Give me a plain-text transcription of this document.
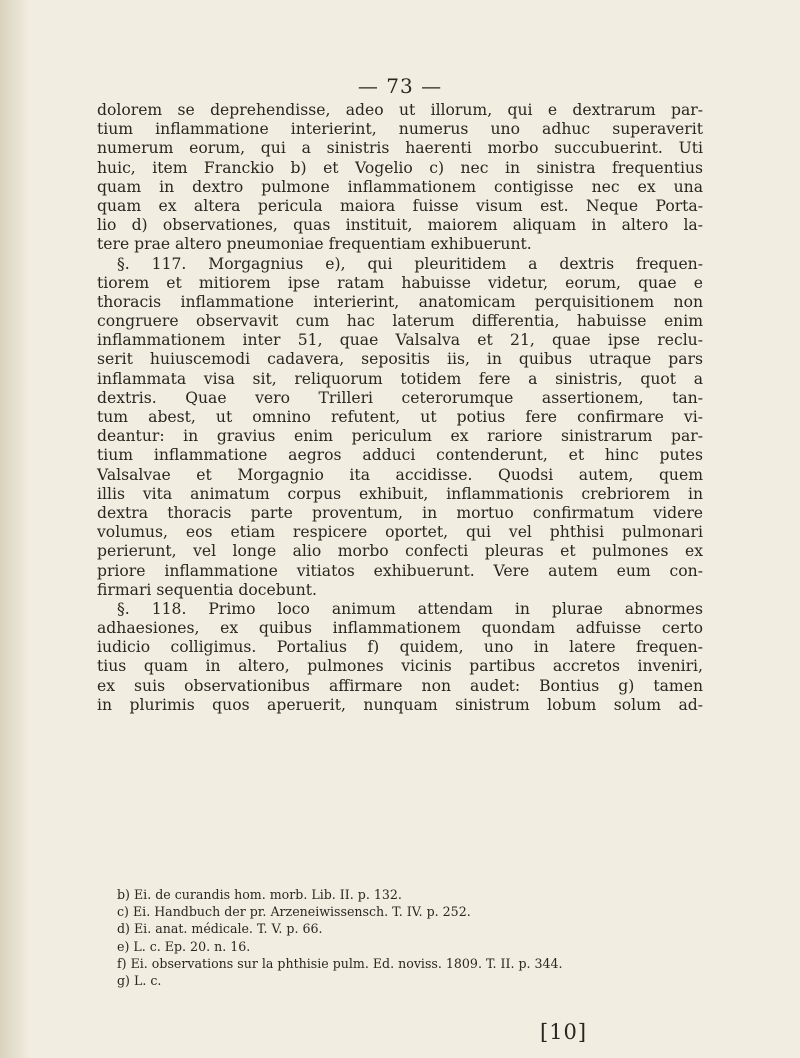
— 73 —
dolorem se deprehendisse, adeo ut illorum, qui e dextrarum par-
tium inflammatione interierint, numerus uno adhuc superaverit
numerum eorum, qui a sinistris haerenti morbo succubuerint. Uti
huic, item Franckio b) et Vogelio c) nec in sinistra frequentius
quam in dextro pulmone inflammationem contigisse nec ex una
quam ex altera pericula maiora fuisse visum est. Neque Porta-
lio d) observationes, quas instituit, maiorem aliquam in altero la-
tere prae altero pneumoniae frequentiam exhibuerunt.
§. 117. Morgagnius e), qui pleuritidem a dextris frequen-
tiorem et mitiorem ipse ratam habuisse videtur, eorum, quae e
thoracis inflammatione interierint, anatomicam perquisitionem non
congruere observavit cum hac laterum differentia, habuisse enim
inflammationem inter 51, quae Valsalva et 21, quae ipse reclu-
serit huiuscemodi cadavera, sepositis iis, in quibus utraque pars
inflammata visa sit, reliquorum totidem fere a sinistris, quot a
dextris. Quae vero Trilleri ceterorumque assertionem, tan-
tum abest, ut omnino refutent, ut potius fere confirmare vi-
deantur: in gravius enim periculum ex rariore sinistrarum par-
tium inflammatione aegros adduci contenderunt, et hinc putes
Valsalvae et Morgagnio ita accidisse. Quodsi autem, quem
illis vita animatum corpus exhibuit, inflammationis crebriorem in
dextra thoracis parte proventum, in mortuo confirmatum videre
volumus, eos etiam respicere oportet, qui vel phthisi pulmonari
perierunt, vel longe alio morbo confecti pleuras et pulmones ex
priore inflammatione vitiatos exhibuerunt. Vere autem eum con-
firmari sequentia docebunt.
§. 118. Primo loco animum attendam in plurae abnormes
adhaesiones, ex quibus inflammationem quondam adfuisse certo
iudicio colligimus. Portalius f) quidem, uno in latere frequen-
tius quam in altero, pulmones vicinis partibus accretos inveniri,
ex suis observationibus affirmare non audet: Bontius g) tamen
in plurimis quos aperuerit, nunquam sinistrum lobum solum ad-
b) Ei. de curandis hom. morb. Lib. II. p. 132.
c) Ei. Handbuch der pr. Arzeneiwissensch. T. IV. p. 252.
d) Ei. anat. médicale. T. V. p. 66.
e) L. c. Ep. 20. n. 16.
f) Ei. observations sur la phthisie pulm. Ed. noviss. 1809. T. II. p. 344.
g) L. c.
[10]
